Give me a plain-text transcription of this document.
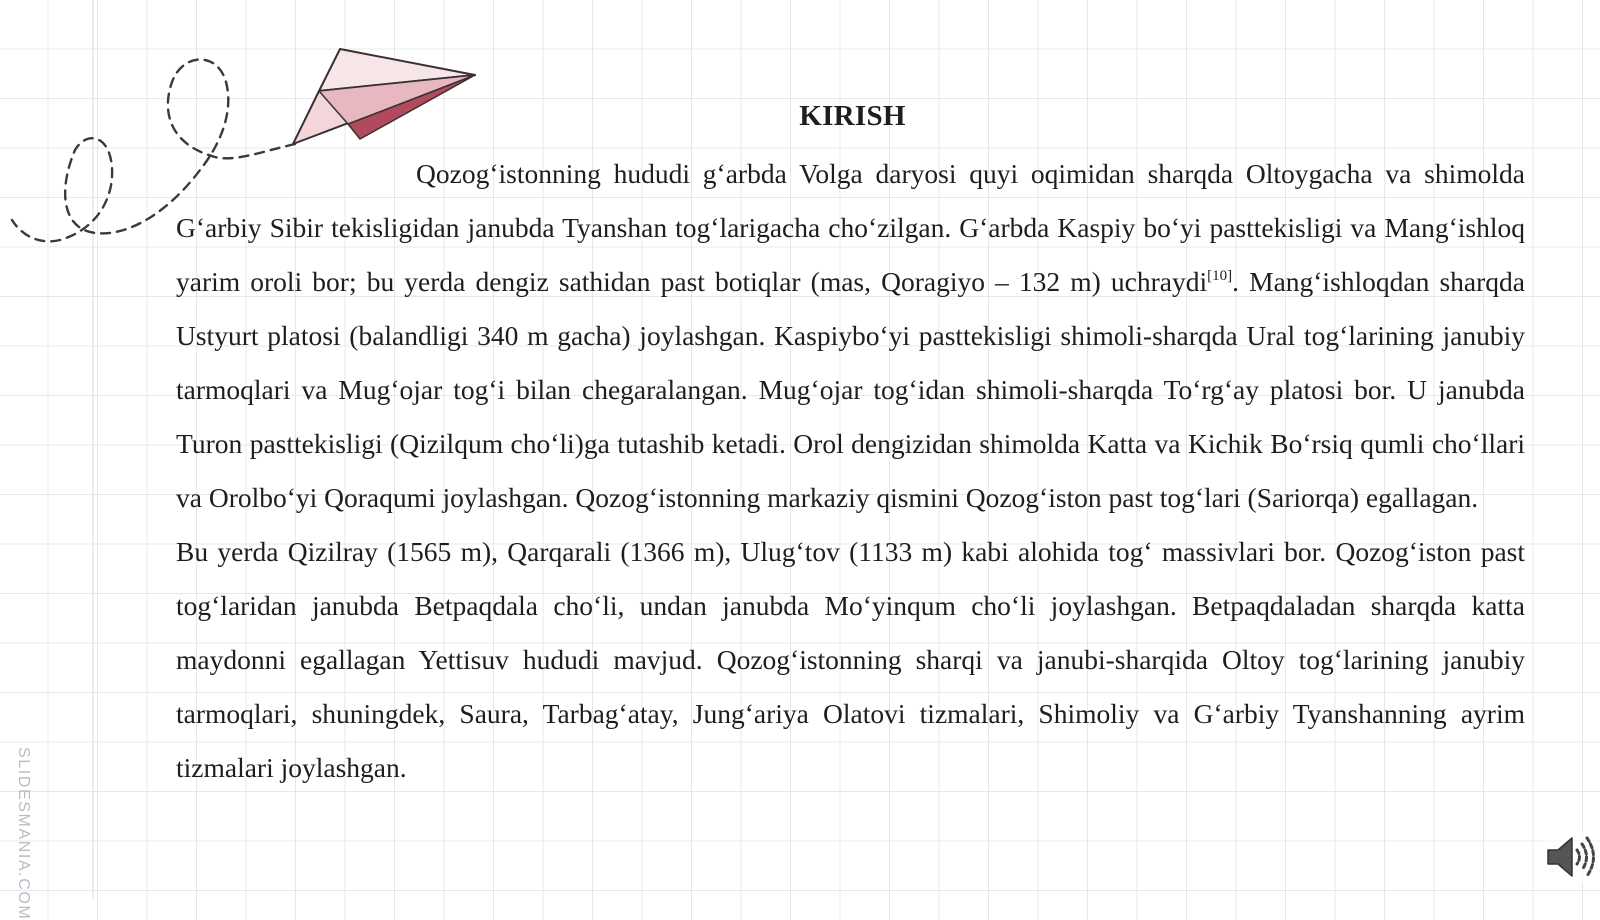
KIRISH

Qozog‘istonning hududi g‘arbda Volga daryosi quyi oqimidan sharqda Oltoygacha va shimolda G‘arbiy Sibir tekisligidan janubda Tyanshan tog‘larigacha cho‘zilgan. G‘arbda Kaspiy bo‘yi pasttekisligi va Mang‘ishloq yarim oroli bor; bu yerda dengiz sathidan past botiqlar (mas, Qoragiyo – 132 m) uchraydi[10]. Mang‘ishloqdan sharqda Ustyurt platosi (balandligi 340 m gacha) joylashgan. Kaspiybo‘yi pasttekisligi shimoli-sharqda Ural tog‘larining janubiy tarmoqlari va Mug‘ojar tog‘i bilan chegaralangan. Mug‘ojar tog‘idan shimoli-sharqda To‘rg‘ay platosi bor. U janubda Turon pasttekisligi (Qizilqum cho‘li)ga tutashib ketadi. Orol dengizidan shimolda Katta va Kichik Bo‘rsiq qumli cho‘llari va Orolbo‘yi Qoraqumi joylashgan. Qozog‘istonning markaziy qismini Qozog‘iston past tog‘lari (Sariorqa) egallagan.

Bu yerda Qizilray (1565 m), Qarqarali (1366 m), Ulug‘tov (1133 m) kabi alohida tog‘ massivlari bor. Qozog‘iston past tog‘laridan janubda Betpaqdala cho‘li, undan janubda Mo‘yinqum cho‘li joylashgan. Betpaqdaladan sharqda katta maydonni egallagan Yettisuv hududi mavjud. Qozog‘istonning sharqi va janubi-sharqida Oltoy tog‘larining janubiy tarmoqlari, shuningdek, Saura, Tarbag‘atay, Jung‘ariya Olatovi tizmalari, Shimoliy va G‘arbiy Tyanshanning ayrim tizmalari joylashgan.

SLIDESMANIA.COM
